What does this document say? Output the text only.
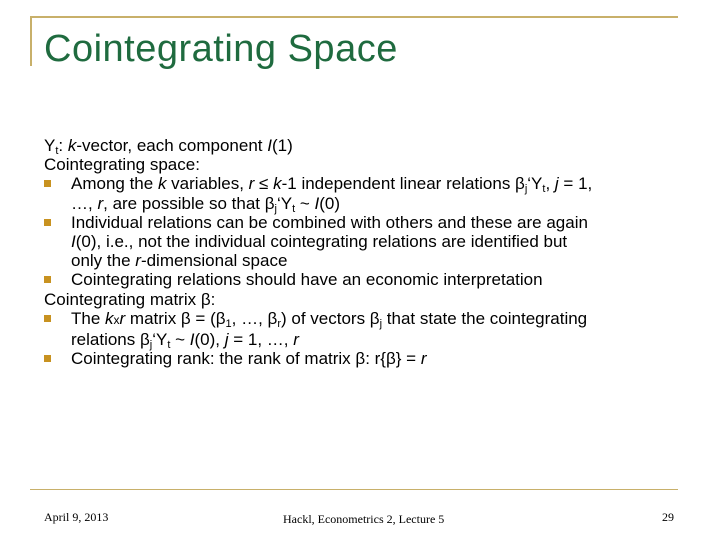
Cointegrating Space
$Y_t$: k-vector, each component I(1)
Cointegrating space:
Among the k variables, r ≤ k-1 independent linear relations $\beta_j‘Y_t$, j = 1,
…, r, are possible so that $\beta_j‘Y_t$ ~ I(0)
Individual relations can be combined with others and these are again
I(0), i.e., not the individual cointegrating relations are identified but
only the r-dimensional space
Cointegrating relations should have an economic interpretation
Cointegrating matrix β:
The kxr matrix $\beta = (\beta_1$, …, $\beta_r$) of vectors $\beta_j$ that state the cointegrating
relations $\beta_j‘Y_t$ ~ I(0), j = 1, …, r
Cointegrating rank: the rank of matrix β: r{β} = r
April 9, 2013	Hackl, Econometrics 2, Lecture 5	29
